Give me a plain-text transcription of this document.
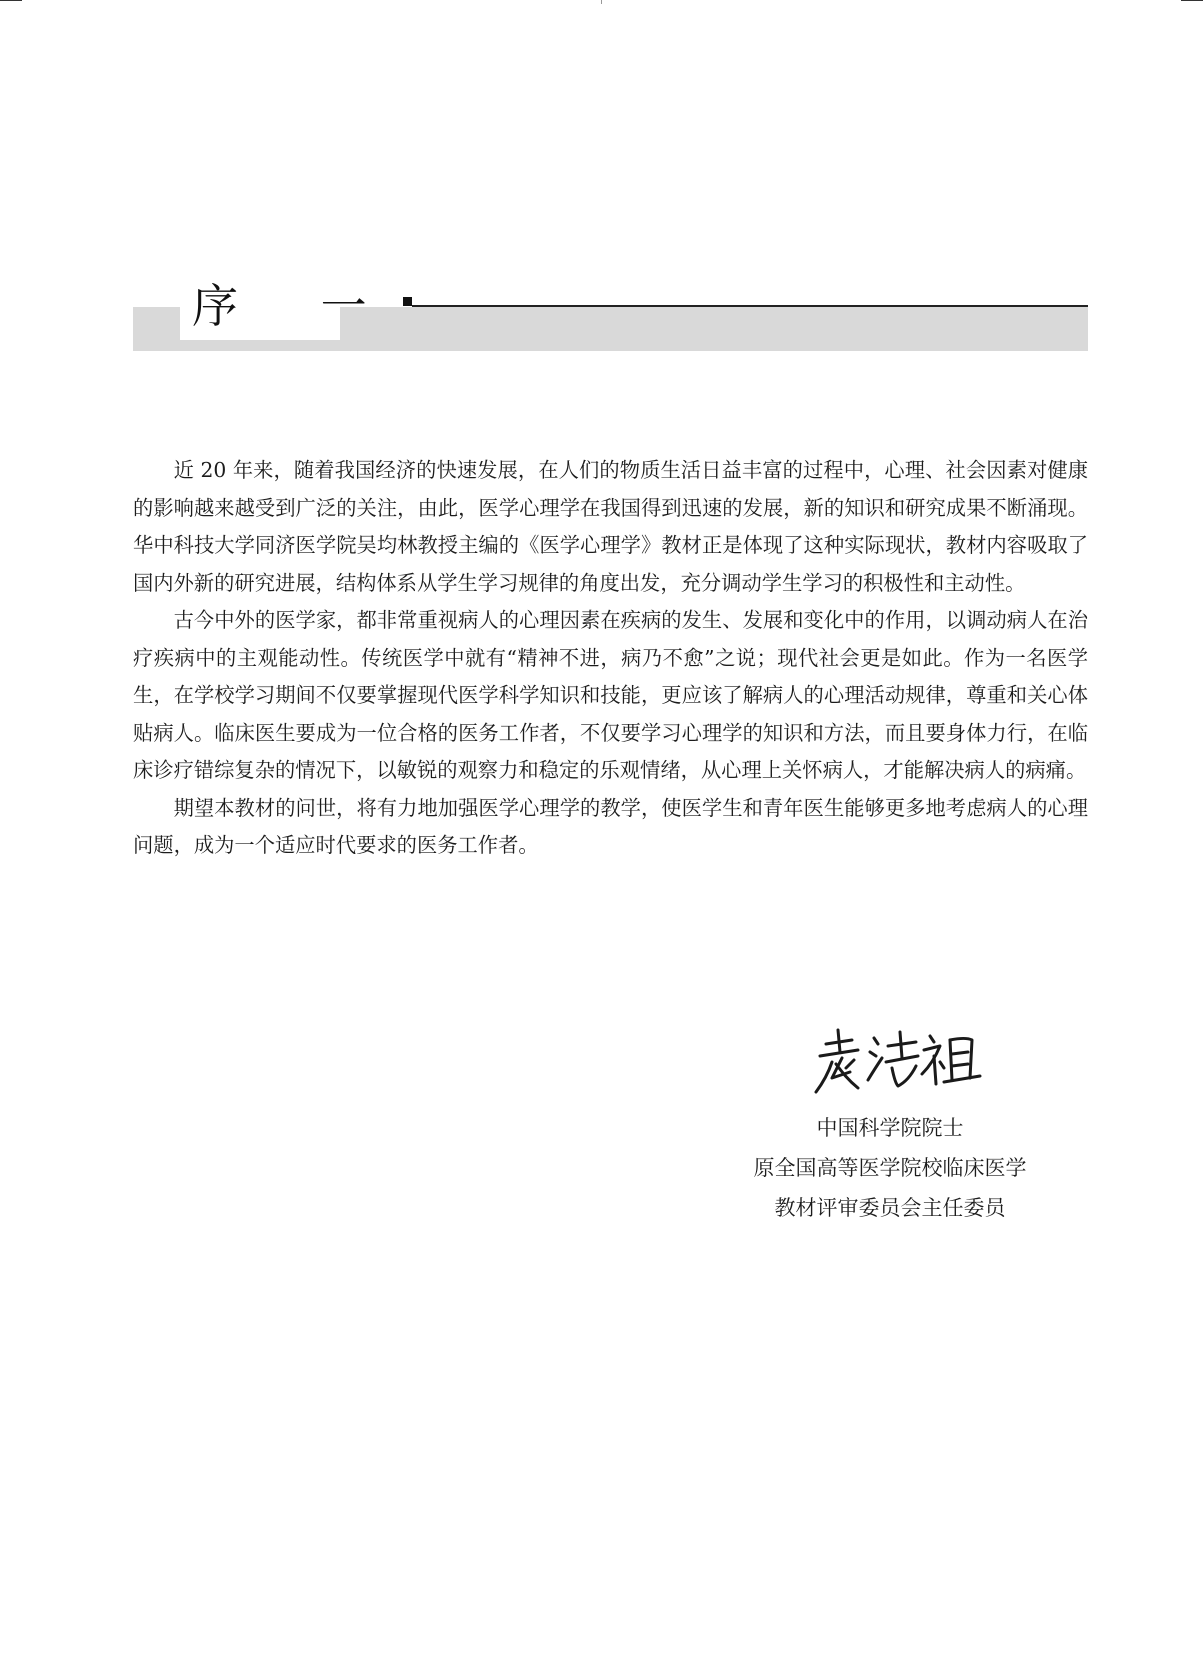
序 一

近 20 年来，随着我国经济的快速发展，在人们的物质生活日益丰富的过程中，心理、社会因素对健康的影响越来越受到广泛的关注，由此，医学心理学在我国得到迅速的发展，新的知识和研究成果不断涌现。华中科技大学同济医学院吴均林教授主编的《医学心理学》教材正是体现了这种实际现状，教材内容吸取了国内外新的研究进展，结构体系从学生学习规律的角度出发，充分调动学生学习的积极性和主动性。

古今中外的医学家，都非常重视病人的心理因素在疾病的发生、发展和变化中的作用，以调动病人在治疗疾病中的主观能动性。传统医学中就有“精神不进，病乃不愈”之说；现代社会更是如此。作为一名医学生，在学校学习期间不仅要掌握现代医学科学知识和技能，更应该了解病人的心理活动规律，尊重和关心体贴病人。临床医生要成为一位合格的医务工作者，不仅要学习心理学的知识和方法，而且要身体力行，在临床诊疗错综复杂的情况下，以敏锐的观察力和稳定的乐观情绪，从心理上关怀病人，才能解决病人的病痛。

期望本教材的问世，将有力地加强医学心理学的教学，使医学生和青年医生能够更多地考虑病人的心理问题，成为一个适应时代要求的医务工作者。

中国科学院院士
原全国高等医学院校临床医学
教材评审委员会主任委员
